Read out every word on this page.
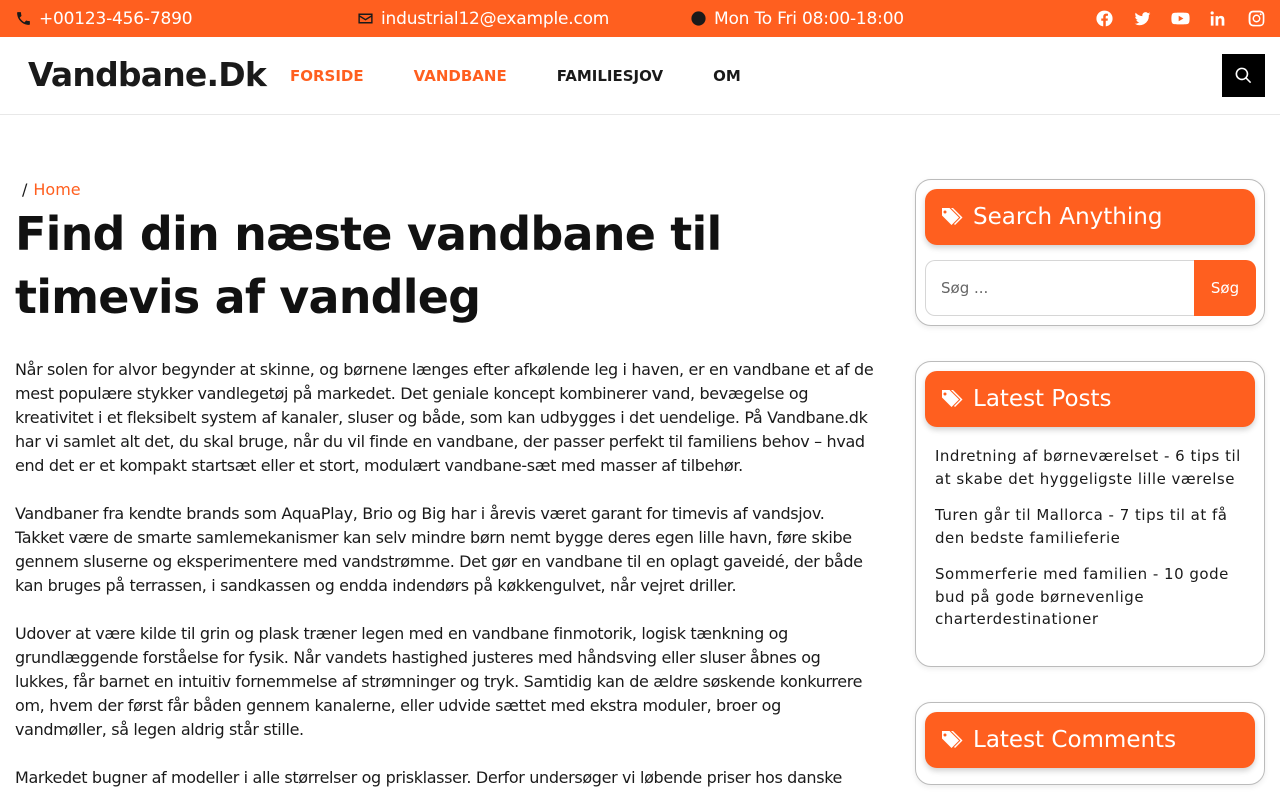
+00123-456-7890	industrial12@example.com	Mon To Fri 08:00-18:00
Vandbane.Dk FORSIDE	VANDBANE	FAMILIESJOV	OM
/ Home
Find din næste vandbane til timevis af vandleg

Når solen for alvor begynder at skinne, og børnene længes efter afkølende leg i haven, er en vandbane et af de mest populære stykker vandlegetøj på markedet. Det geniale koncept kombinerer vand, bevægelse og kreativitet i et fleksibelt system af kanaler, sluser og både, som kan udbygges i det uendelige. På Vandbane.dk har vi samlet alt det, du skal bruge, når du vil finde en vandbane, der passer perfekt til familiens behov – hvad end det er et kompakt startsæt eller et stort, modulært vandbane-sæt med masser af tilbehør.

Vandbaner fra kendte brands som AquaPlay, Brio og Big har i årevis været garant for timevis af vandsjov. Takket være de smarte samlemekanismer kan selv mindre børn nemt bygge deres egen lille havn, føre skibe gennem sluserne og eksperimentere med vandstrømme. Det gør en vandbane til en oplagt gaveidé, der både kan bruges på terrassen, i sandkassen og endda indendørs på køkkengulvet, når vejret driller.

Udover at være kilde til grin og plask træner legen med en vandbane finmotorik, logisk tænkning og grundlæggende forståelse for fysik. Når vandets hastighed justeres med håndsving eller sluser åbnes og lukkes, får barnet en intuitiv fornemmelse af strømninger og tryk. Samtidig kan de ældre søskende konkurrere om, hvem der først får båden gennem kanalerne, eller udvide sættet med ekstra moduler, broer og vandmøller, så legen aldrig står stille.

Markedet bugner af modeller i alle størrelser og prisklasser. Derfor undersøger vi løbende priser hos danske

Search Anything
Søg ...
Søg
Latest Posts
Indretning af børneværelset - 6 tips til at skabe det hyggeligste lille værelse
Turen går til Mallorca - 7 tips til at få den bedste familieferie
Sommerferie med familien - 10 gode bud på gode børnevenlige charterdestinationer
Latest Comments
